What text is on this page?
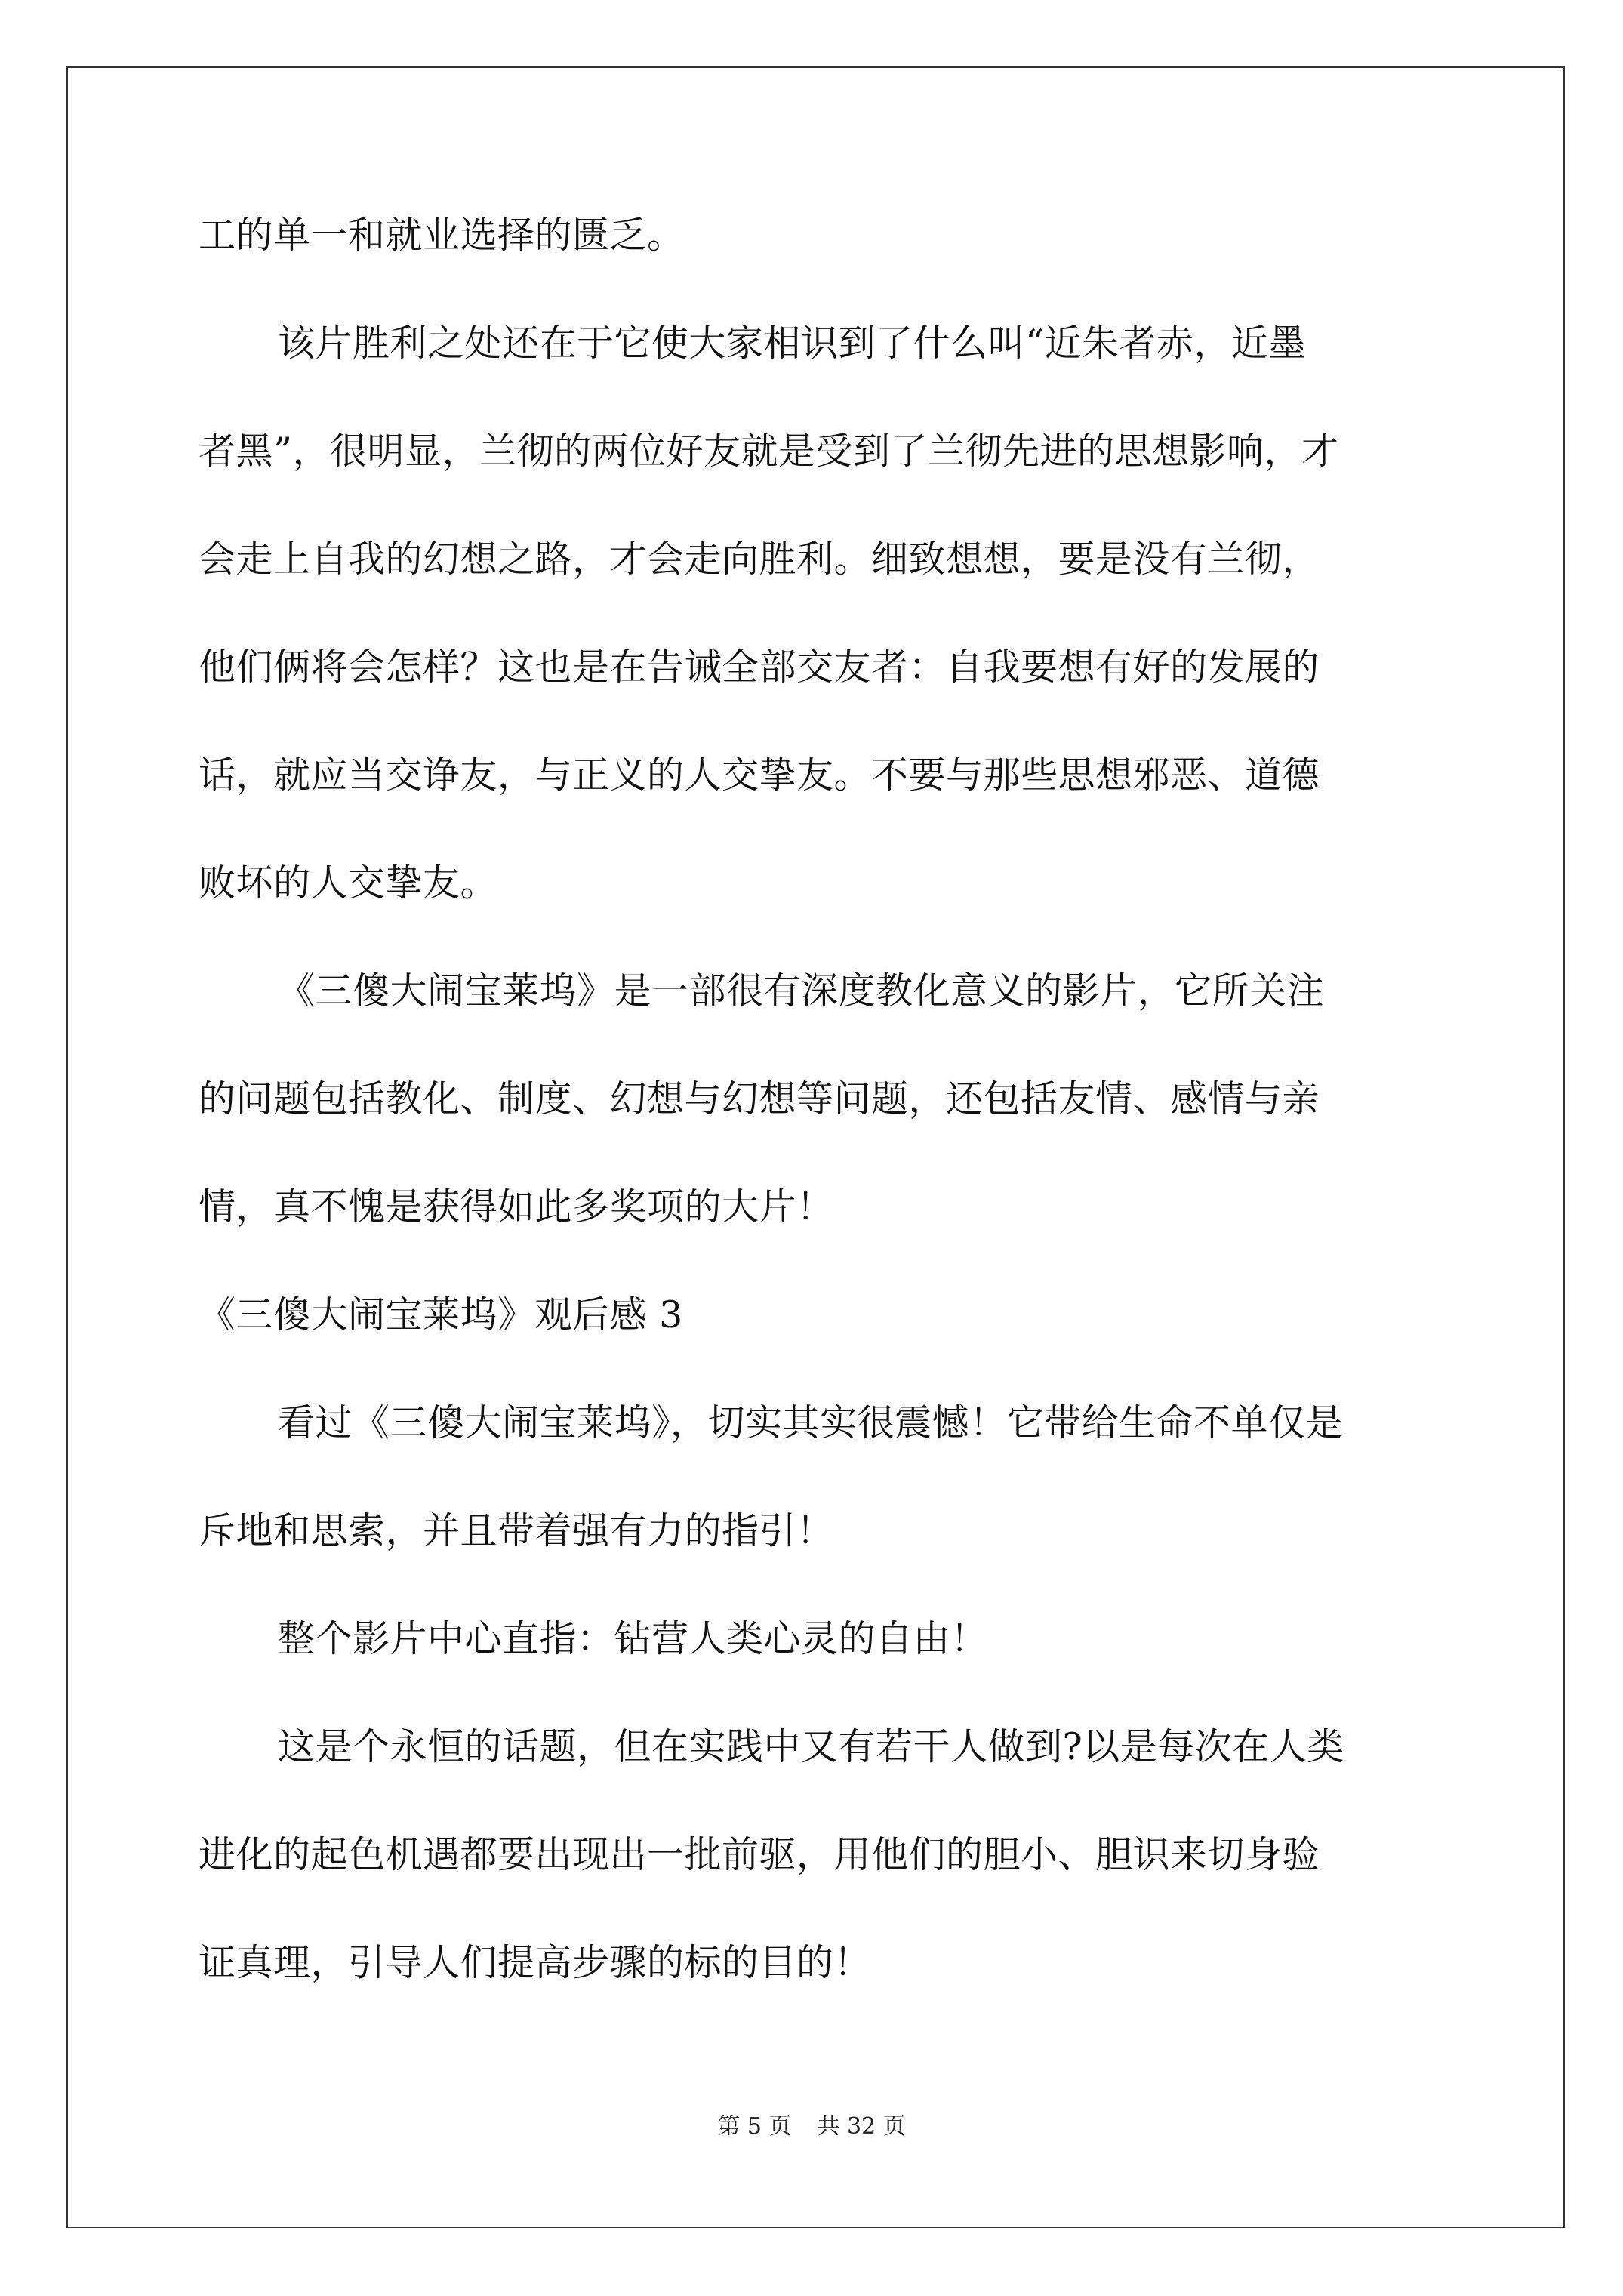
工的单一和就业选择的匮乏。
该片胜利之处还在于它使大家相识到了什么叫“近朱者赤，近墨
者黑”，很明显，兰彻的两位好友就是受到了兰彻先进的思想影响，才
会走上自我的幻想之路，才会走向胜利。细致想想，要是没有兰彻，
他们俩将会怎样？这也是在告诫全部交友者：自我要想有好的发展的
话，就应当交诤友，与正义的人交挚友。不要与那些思想邪恶、道德
败坏的人交挚友。
《三傻大闹宝莱坞》是一部很有深度教化意义的影片，它所关注
的问题包括教化、制度、幻想与幻想等问题，还包括友情、感情与亲
情，真不愧是获得如此多奖项的大片！
《三傻大闹宝莱坞》观后感 3
看过《三傻大闹宝莱坞》，切实其实很震憾！它带给生命不单仅是
斥地和思索，并且带着强有力的指引！
整个影片中心直指：钻营人类心灵的自由！
这是个永恒的话题，但在实践中又有若干人做到?以是每次在人类
进化的起色机遇都要出现出一批前驱，用他们的胆小、胆识来切身验
证真理，引导人们提高步骤的标的目的！
第 5 页 共 32 页
